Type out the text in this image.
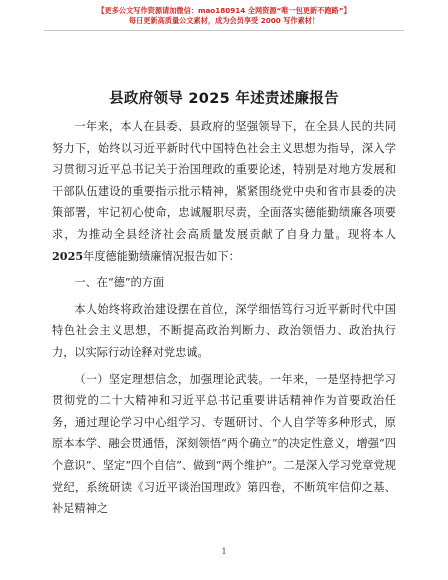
【更多公文写作资源请加微信：mao180914 全网资源“唯一包更新不跑路”】
每日更新高质量公文素材，成为会员享受 2000 写作素材！
县政府领导 2025 年述责述廉报告

一年来，本人在县委、县政府的坚强领导下，在全县人民的共同努力下，始终以习近平新时代中国特色社会主义思想为指导，深入学习贯彻习近平总书记关于治国理政的重要论述，特别是对地方发展和干部队伍建设的重要指示批示精神，紧紧围绕党中央和省市县委的决策部署，牢记初心使命，忠诚履职尽责，全面落实德能勤绩廉各项要求，为推动全县经济社会高质量发展贡献了自身力量。现将本人2025年度德能勤绩廉情况报告如下：

一、在“德”的方面

本人始终将政治建设摆在首位，深学细悟笃行习近平新时代中国特色社会主义思想，不断提高政治判断力、政治领悟力、政治执行力，以实际行动诠释对党忠诚。

（一）坚定理想信念，加强理论武装。一年来，一是坚持把学习贯彻党的二十大精神和习近平总书记重要讲话精神作为首要政治任务，通过理论学习中心组学习、专题研讨、个人自学等多种形式，原原本本学、融会贯通悟，深刻领悟“两个确立”的决定性意义，增强“四个意识”、坚定“四个自信”、做到“两个维护”。二是深入学习党章党规党纪，系统研读《习近平谈治国理政》第四卷，不断筑牢信仰之基、补足精神之

1
